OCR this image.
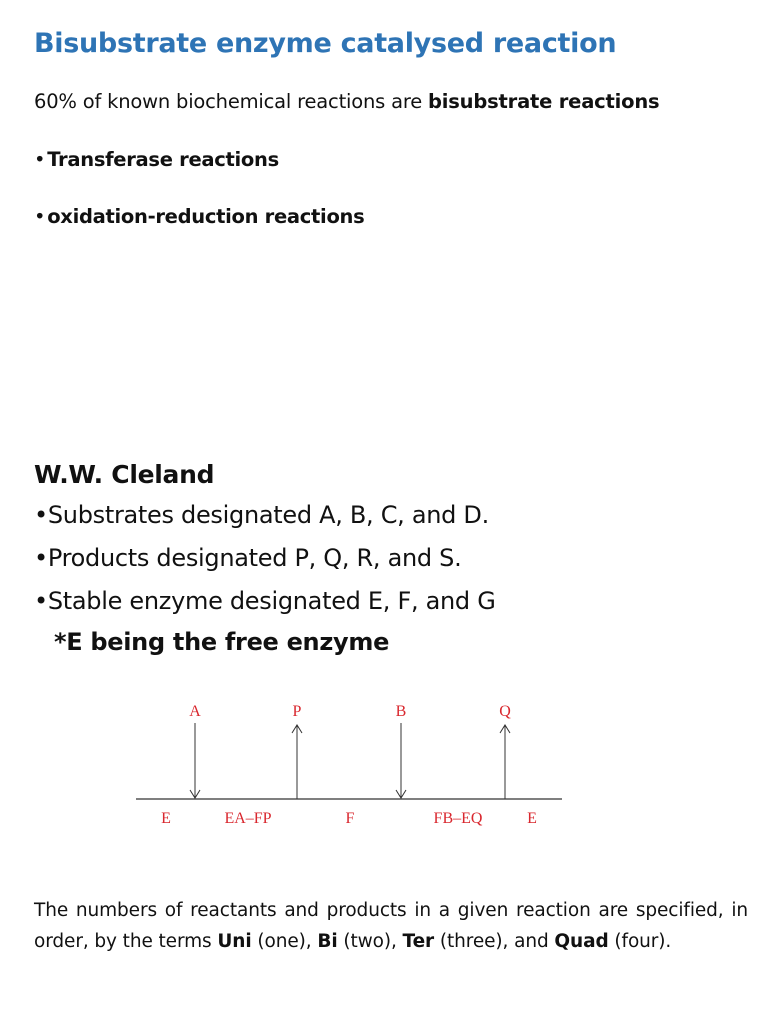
Bisubstrate enzyme catalysed reaction
60% of known biochemical reactions are bisubstrate reactions
• Transferase reactions
• oxidation-reduction reactions
W.W. Cleland
•Substrates designated A, B, C, and D.
•Products designated P, Q, R, and S.
•Stable enzyme designated E, F, and G
*E being the free enzyme
A	P	B	Q
E	EA–FP	F	FB–EQ	E
The numbers of reactants and products in a given reaction are specified, in order, by the terms Uni (one), Bi (two), Ter (three), and Quad (four).
